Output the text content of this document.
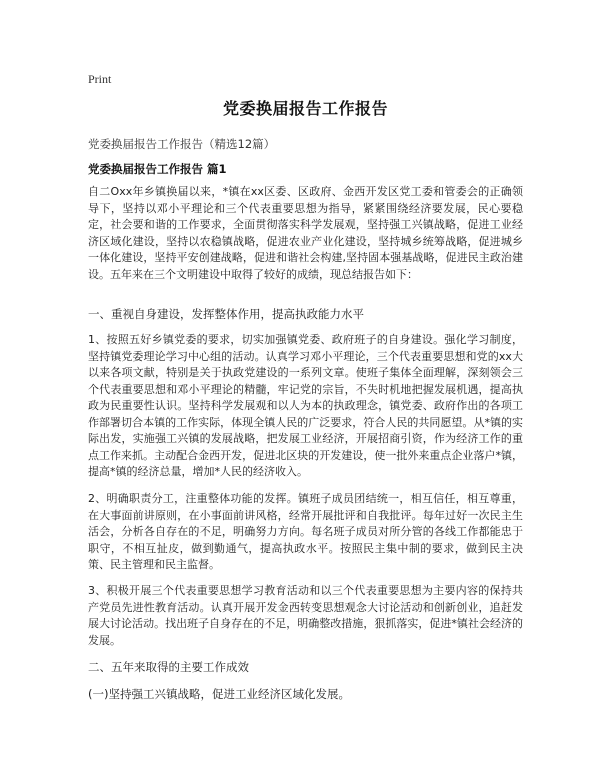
Print
党委换届报告工作报告
党委换届报告工作报告（精选12篇）
党委换届报告工作报告 篇1
自二Oxx年乡镇换届以来，*镇在xx区委、区政府、金西开发区党工委和管委会的正确领导下，坚持以邓小平理论和三个代表重要思想为指导，紧紧围绕经济要发展，民心要稳定，社会要和谐的工作要求，全面贯彻落实科学发展观，坚持强工兴镇战略，促进工业经济区域化建设，坚持以农稳镇战略，促进农业产业化建设，坚持城乡统筹战略，促进城乡一体化建设，坚持平安创建战略，促进和谐社会构建,坚持固本强基战略，促进民主政治建设。五年来在三个文明建设中取得了较好的成绩，现总结报告如下：
一、重视自身建设，发挥整体作用，提高执政能力水平
1、按照五好乡镇党委的要求，切实加强镇党委、政府班子的自身建设。强化学习制度，坚持镇党委理论学习中心组的活动。认真学习邓小平理论，三个代表重要思想和党的xx大以来各项文献，特别是关于执政党建设的一系列文章。使班子集体全面理解，深刻领会三个代表重要思想和邓小平理论的精髓，牢记党的宗旨，不失时机地把握发展机遇，提高执政为民重要性认识。坚持科学发展观和以人为本的执政理念，镇党委、政府作出的各项工作部署切合本镇的工作实际，体现全镇人民的广泛要求，符合人民的共同愿望。从*镇的实际出发，实施强工兴镇的发展战略，把发展工业经济，开展招商引资，作为经济工作的重点工作来抓。主动配合金西开发，促进北区块的开发建设，使一批外来重点企业落户*镇，提高*镇的经济总量，增加*人民的经济收入。
2、明确职责分工，注重整体功能的发挥。镇班子成员团结统一，相互信任，相互尊重，在大事面前讲原则，在小事面前讲风格，经常开展批评和自我批评。每年过好一次民主生活会，分析各自存在的不足，明确努力方向。每名班子成员对所分管的各线工作都能忠于职守，不相互扯皮，做到勤通气，提高执政水平。按照民主集中制的要求，做到民主决策、民主管理和民主监督。
3、积极开展三个代表重要思想学习教育活动和以三个代表重要思想为主要内容的保持共产党员先进性教育活动。认真开展开发金西转变思想观念大讨论活动和创新创业，追赶发展大讨论活动。找出班子自身存在的不足，明确整改措施，狠抓落实，促进*镇社会经济的发展。
二、五年来取得的主要工作成效
(一)坚持强工兴镇战略，促进工业经济区域化发展。
